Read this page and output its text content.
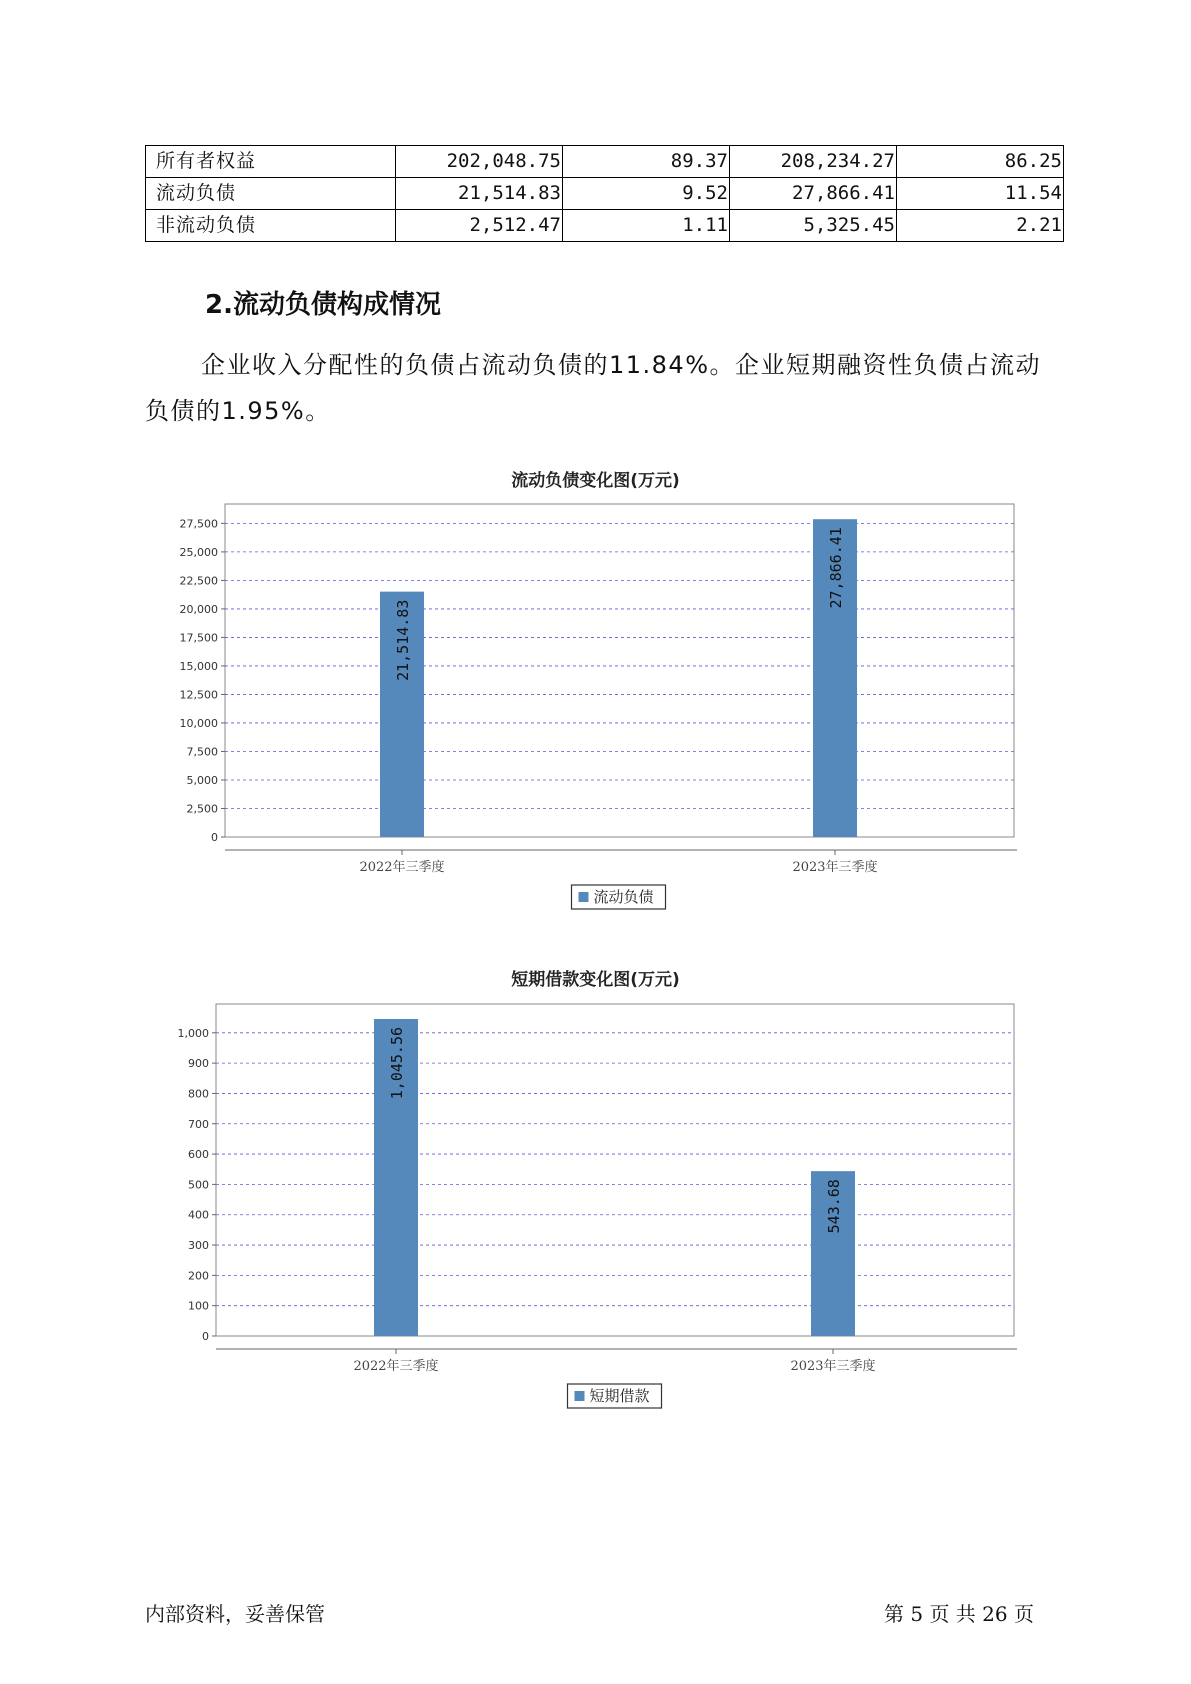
所有者权益	202,048.75	89.37	208,234.27	86.25
流动负债	21,514.83	9.52	27,866.41	11.54
非流动负债	2,512.47	1.11	5,325.45	2.21
2.流动负债构成情况

企业收入分配性的负债占流动负债的11.84%。企业短期融资性负债占流动负债的1.95%。

流动负债变化图(万元)
0
2,500
5,000
7,500
10,000
12,500
15,000
17,500
20,000
22,500
25,000
27,500
21,514.83
2022年三季度
27,866.41
2023年三季度
流动负债
短期借款变化图(万元)
0
100
200
300
400
500
600
700
800
900
1,000	1,045.56
2022年三季度
543.68
2023年三季度
短期借款
内部资料，妥善保管	第 5 页 共 26 页
